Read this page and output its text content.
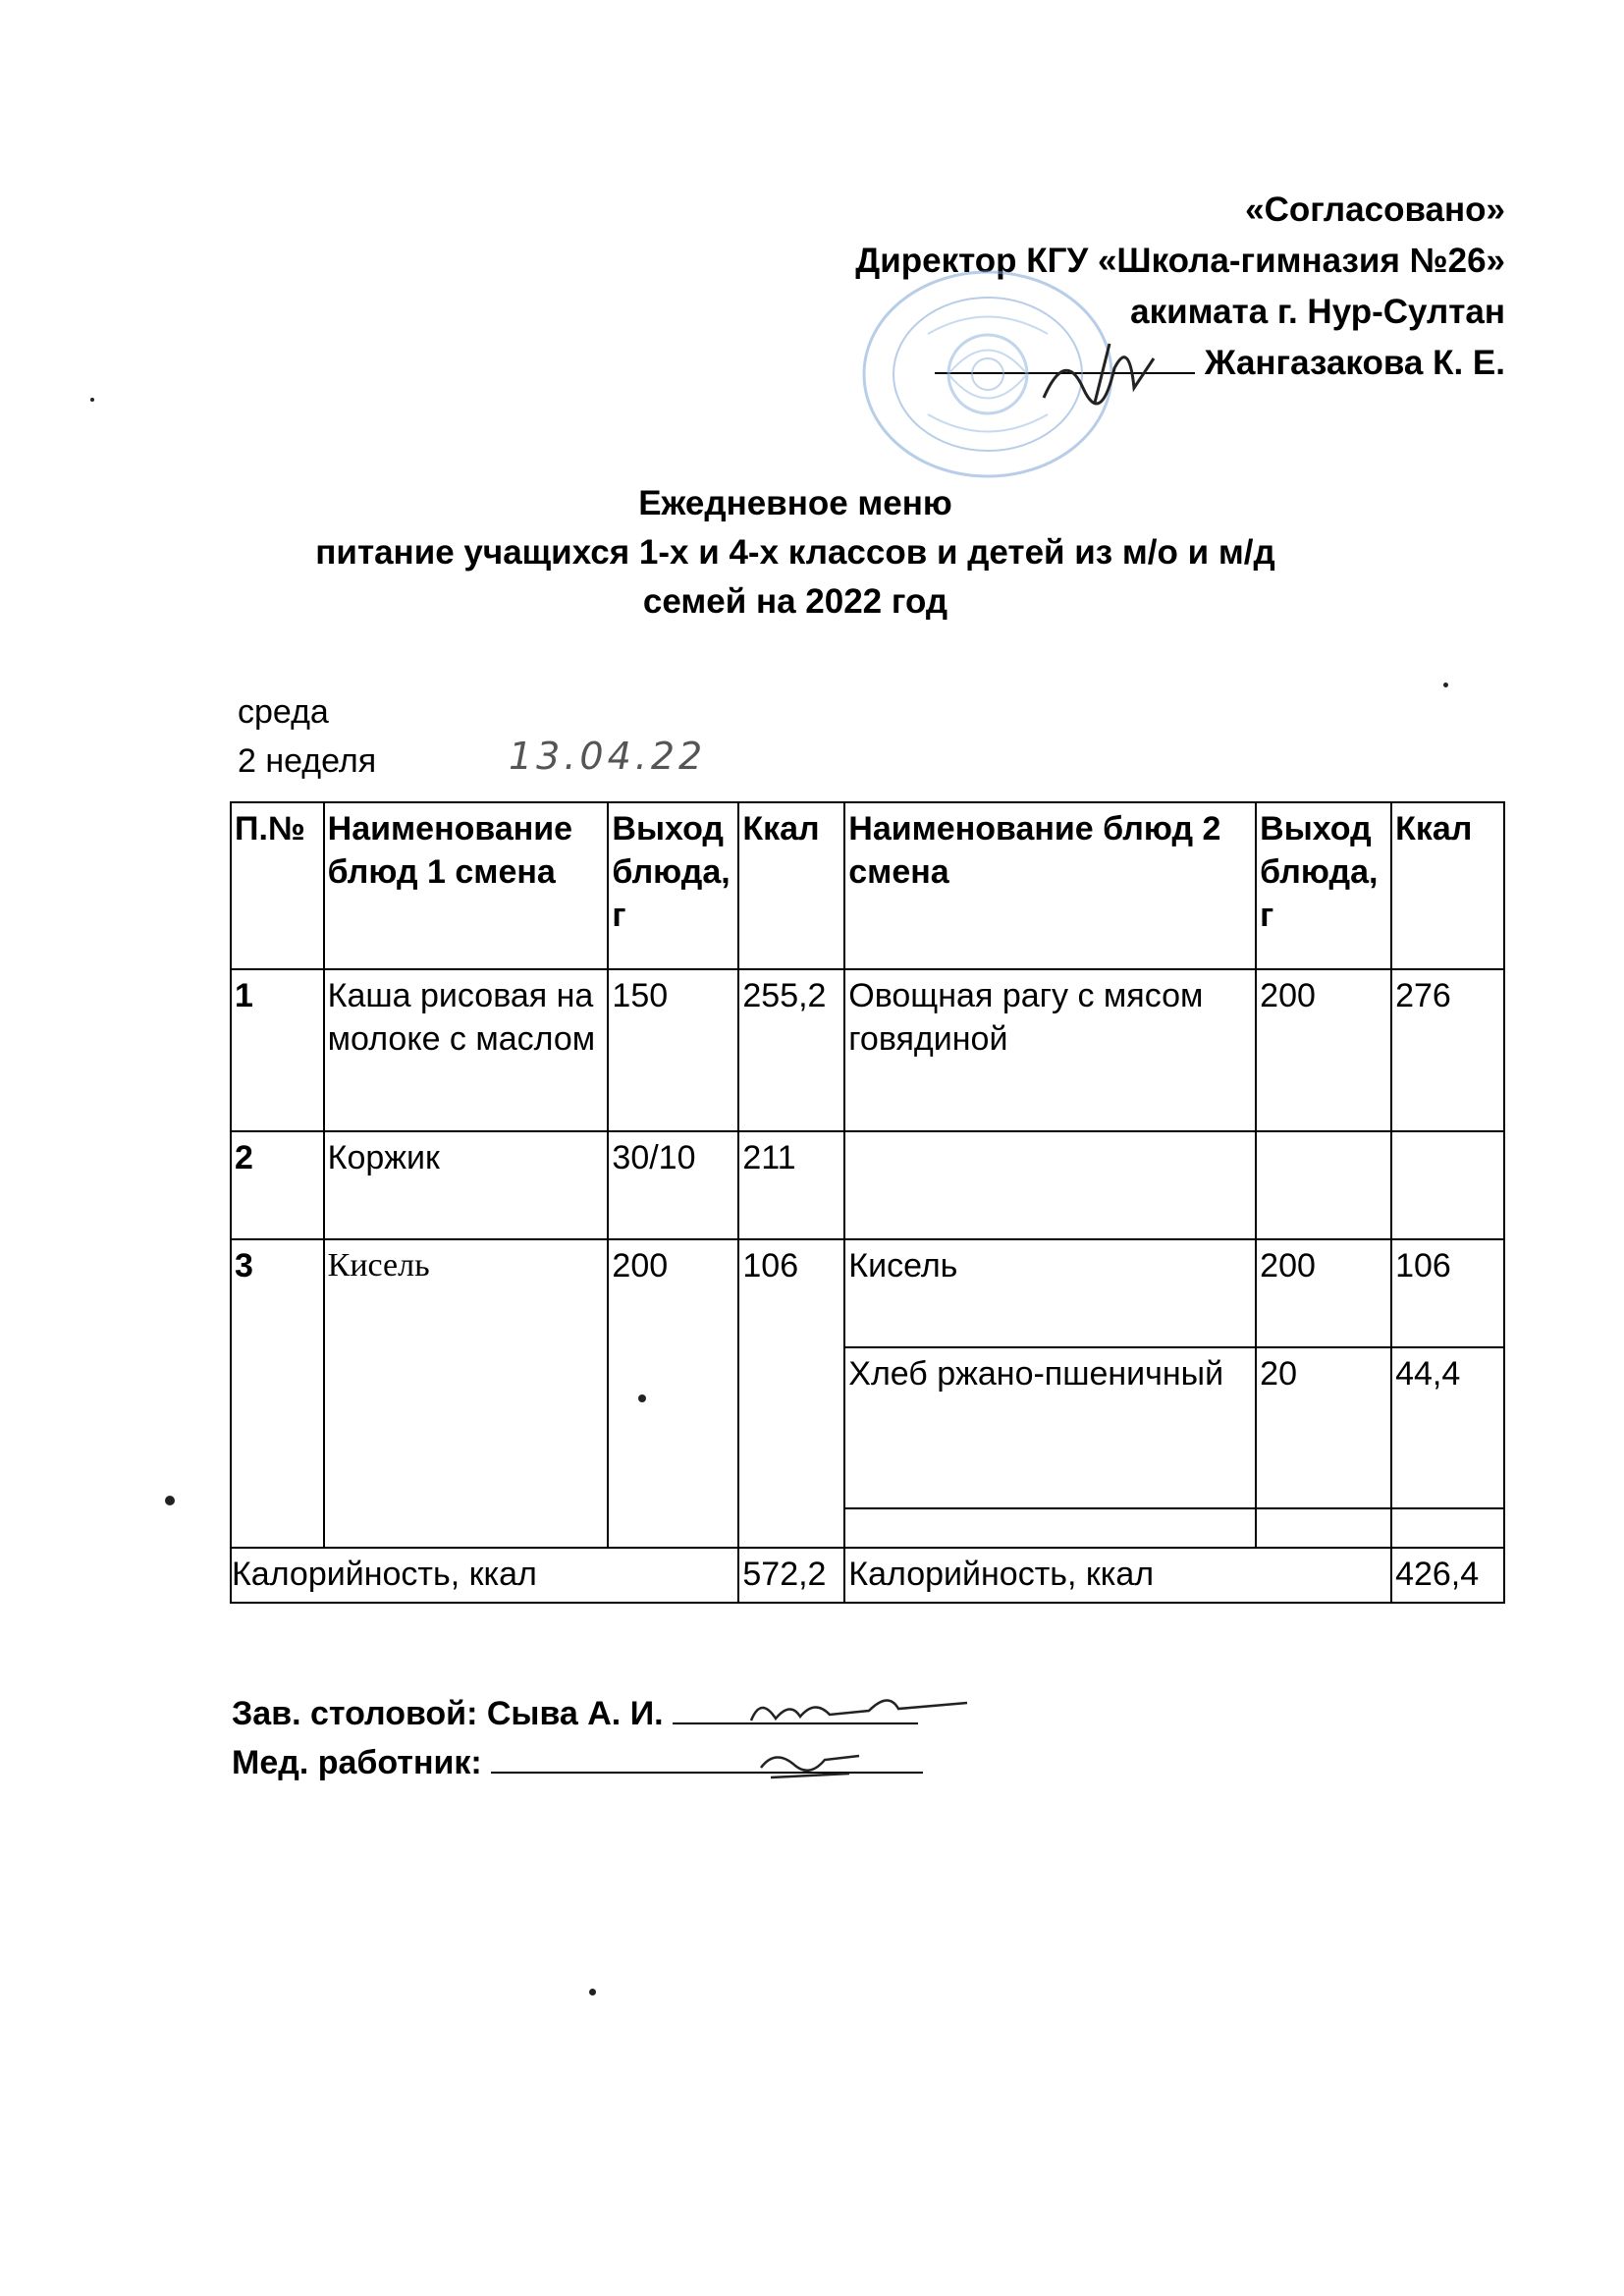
«Согласовано»
Директор КГУ «Школа-гимназия №26»
акимата г. Нур-Султан
Жангазакова К. Е.
Ежедневное меню
питание учащихся 1-х и 4-х классов и детей из м/о и м/д
семей на 2022 год
среда
2 неделя	13.04.22
П.№	Наименование блюд 1 смена	Выход блюда, г	Ккал	Наименование блюд 2 смена	Выход блюда, г	Ккал
1	Каша рисовая на молоке с маслом	150	255,2	Овощная рагу с мясом говядиной	200	276
2	Коржик	30/10	211			
3	Кисель	200	106	Кисель	200	106
				Хлеб ржано-пшеничный	20	44,4

Калорийность, ккал			572,2	Калорийность, ккал		426,4
Зав. столовой: Сыва А. И.
Мед. работник:
